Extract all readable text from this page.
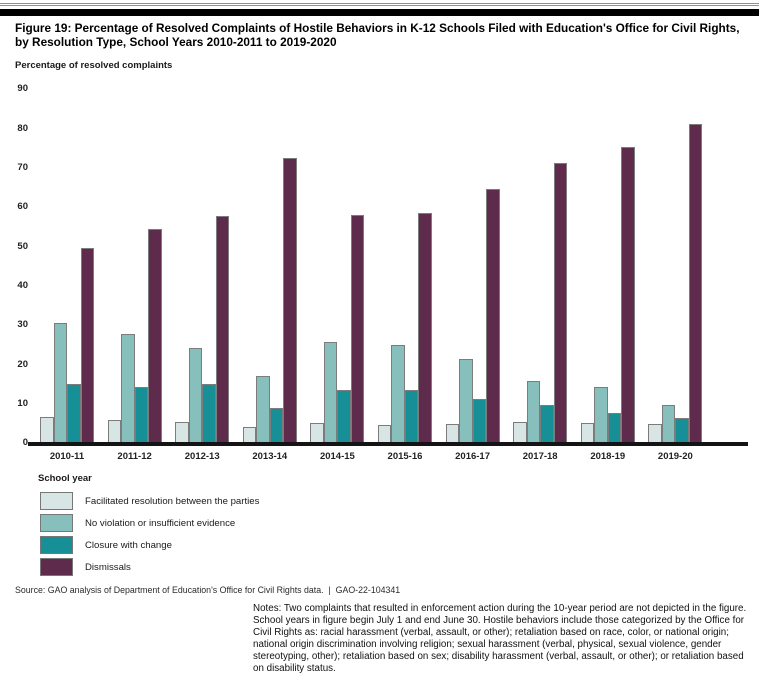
Figure 19: Percentage of Resolved Complaints of Hostile Behaviors in K-12 Schools Filed with Education's Office for Civil Rights, by Resolution Type, School Years 2010-2011 to 2019-2020
Percentage of resolved complaints
0
10
20
30
40
50
60
70
80
90
2010-11	2011-12	2012-13	2013-14	2014-15	2015-16	2016-17	2017-18	2018-19	2019-20
School year
Facilitated resolution between the parties
No violation or insufficient evidence
Closure with change
Dismissals
Source: GAO analysis of Department of Education's Office for Civil Rights data.  |  GAO-22-104341
Notes: Two complaints that resulted in enforcement action during the 10-year period are not depicted in the figure. School years in figure begin July 1 and end June 30. Hostile behaviors include those categorized by the Office for Civil Rights as: racial harassment (verbal, assault, or other); retaliation based on race, color, or national origin; national origin discrimination involving religion; sexual harassment (verbal, physical, sexual violence, gender stereotyping, other); retaliation based on sex; disability harassment (verbal, assault, or other); or retaliation based on disability status.
